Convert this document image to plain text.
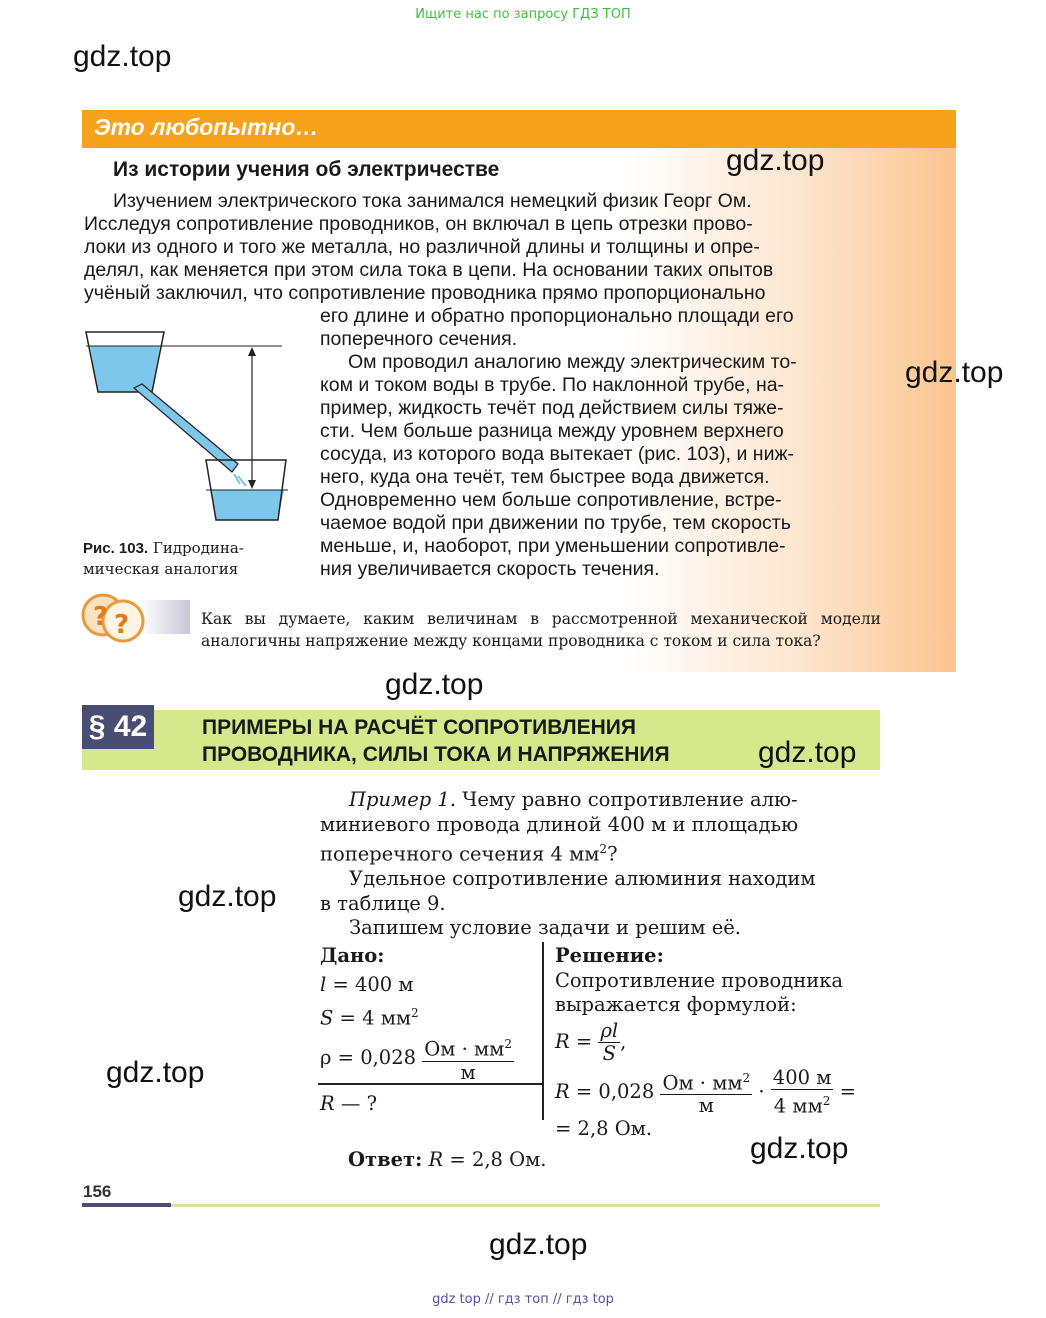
Ищите нас по запросу ГДЗ ТОП
gdz.top
Это любопытно…
Из истории учения об электричестве	gdz.top
Изучением электрического тока занимался немецкий физик Георг Ом.
Исследуя сопротивление проводников, он включал в цепь отрезки прово-
локи из одного и того же металла, но различной длины и толщины и опре-
делял, как меняется при этом сила тока в цепи. На основании таких опытов
учёный заключил, что сопротивление проводника прямо пропорционально
его длине и обратно пропорционально площади его
поперечного сечения.
Ом проводил аналогию между электрическим то-
ком и током воды в трубе. По наклонной трубе, на-
пример, жидкость течёт под действием силы тяже-
сти. Чем больше разница между уровнем верхнего
сосуда, из которого вода вытекает (рис. 103), и ниж-
него, куда она течёт, тем быстрее вода движется.
Одновременно чем больше сопротивление, встре-
чаемое водой при движении по трубе, тем скорость
меньше, и, наоборот, при уменьшении сопротивле-
ния увеличивается скорость течения.
gdz.top
Рис. 103. Гидродина-
мическая аналогия
? ?	Как вы думаете, каким величинам в рассмотренной механической модели аналогичны напряжение между концами проводника с током и сила тока?
gdz.top
§ 42	ПРИМЕРЫ НА РАСЧЁТ СОПРОТИВЛЕНИЯ
ПРОВОДНИКА, СИЛЫ ТОКА И НАПРЯЖЕНИЯ	gdz.top
Пример 1. Чему равно сопротивление алю-
миниевого провода длиной 400 м и площадью
поперечного сечения 4 $мм^2$?
Удельное сопротивление алюминия находим
в таблице 9.
Запишем условие задачи и решим её.
gdz.top
Дано:
l = 400 м
S = 4 $мм^2$
$\rho = 0,028 \frac{Ом \cdot мм^2}{м}$
R — ?
Решение:
Сопротивление проводника
выражается формулой:
$R = \frac{\rho l}{S}$ ,
$R = 0,028 \frac{Ом \cdot мм^2}{м} \cdot \frac{400 м}{4 мм^2}$ =
= 2,8 Ом.
gdz.top
Ответ: R = 2,8 Ом.	gdz.top
156
gdz.top
gdz top // гдз топ // гдз top
